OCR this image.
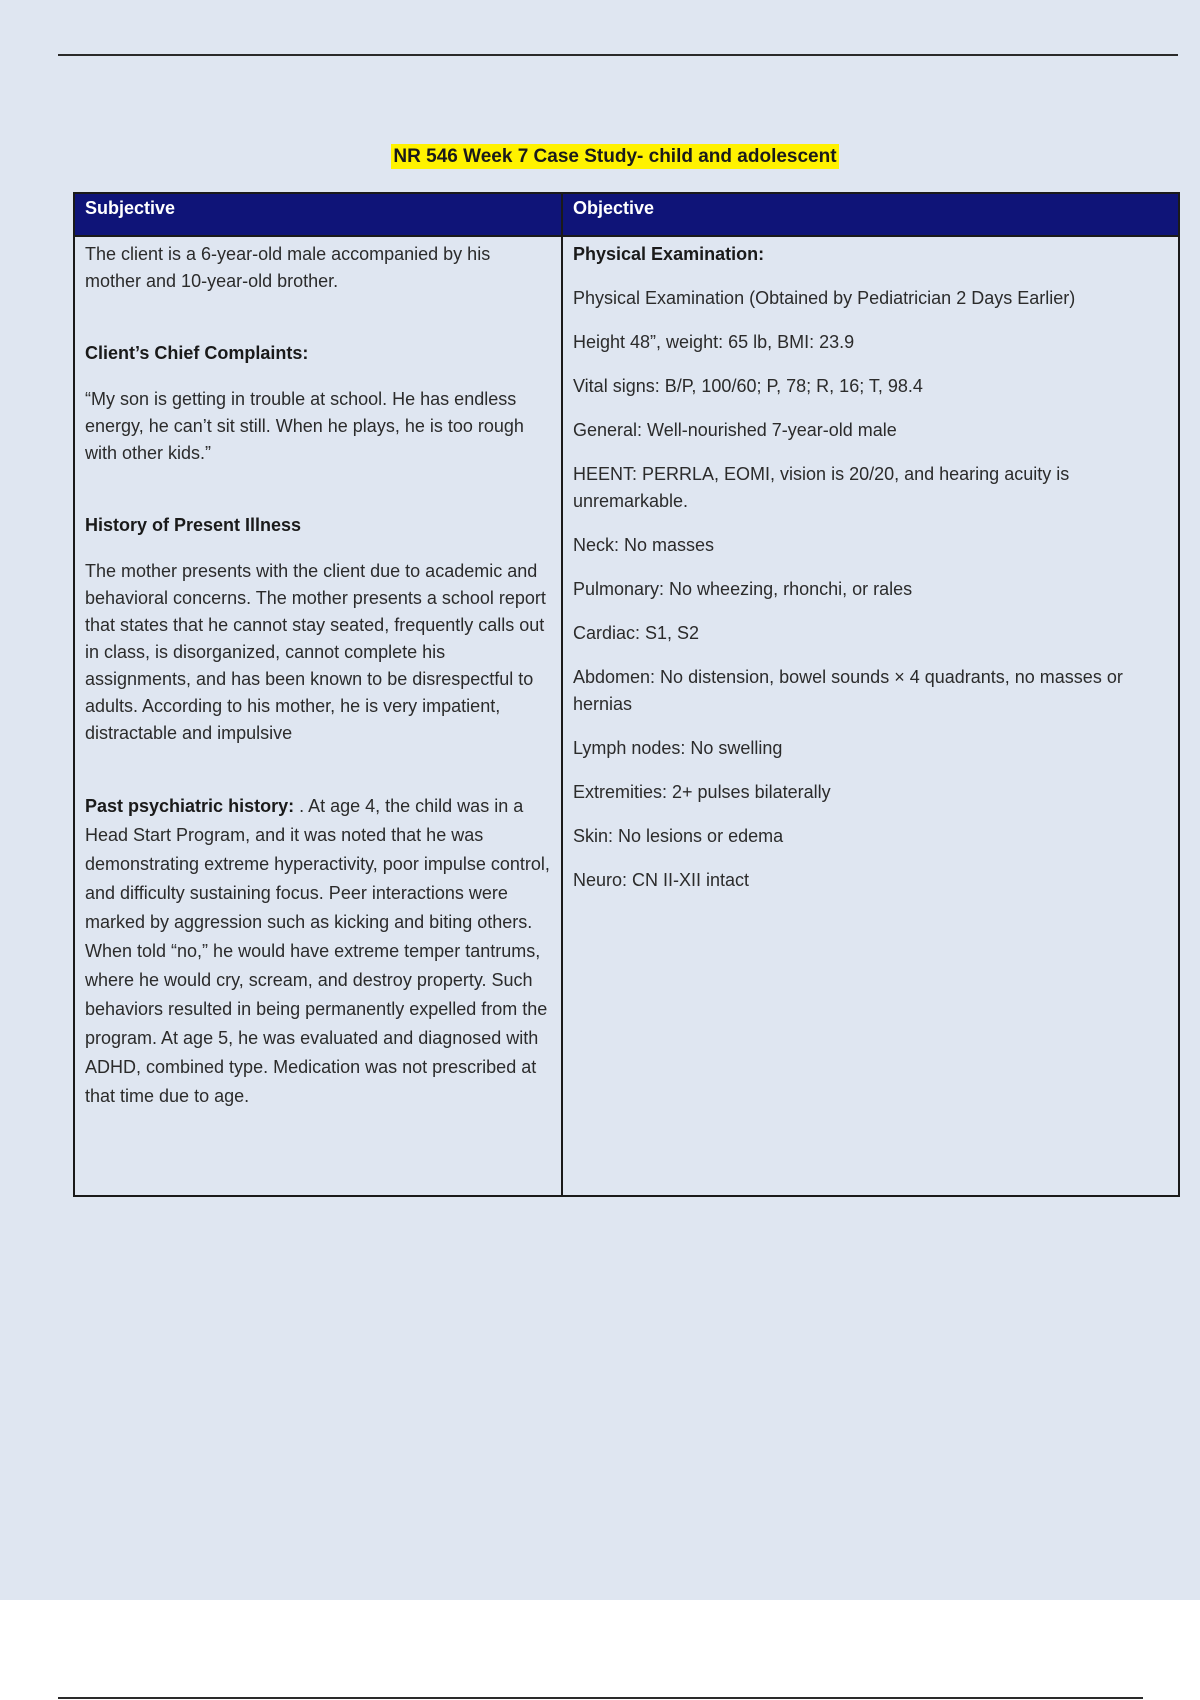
NR 546 Week 7 Case Study- child and adolescent
Subjective

The client is a 6-year-old male accompanied by his mother and 10-year-old brother.

Client’s Chief Complaints:

“My son is getting in trouble at school. He has endless energy, he can’t sit still. When he plays, he is too rough with other kids.”

History of Present Illness

The mother presents with the client due to academic and behavioral concerns. The mother presents a school report that states that he cannot stay seated, frequently calls out in class, is disorganized, cannot complete his assignments, and has been known to be disrespectful to adults. According to his mother, he is very impatient, distractable and impulsive

Past psychiatric history: . At age 4, the child was in a Head Start Program, and it was noted that he was demonstrating extreme hyperactivity, poor impulse control, and difficulty sustaining focus. Peer interactions were marked by aggression such as kicking and biting others. When told “no,” he would have extreme temper tantrums, where he would cry, scream, and destroy property. Such behaviors resulted in being permanently expelled from the program. At age 5, he was evaluated and diagnosed with ADHD, combined type. Medication was not prescribed at that time due to age.

Objective

Physical Examination:

Physical Examination (Obtained by Pediatrician 2 Days Earlier)

Height 48”, weight: 65 lb, BMI: 23.9

Vital signs: B/P, 100/60; P, 78; R, 16; T, 98.4

General: Well-nourished 7-year-old male

HEENT: PERRLA, EOMI, vision is 20/20, and hearing acuity is unremarkable.

Neck: No masses

Pulmonary: No wheezing, rhonchi, or rales

Cardiac: S1, S2

Abdomen: No distension, bowel sounds × 4 quadrants, no masses or hernias

Lymph nodes: No swelling

Extremities: 2+ pulses bilaterally

Skin: No lesions or edema

Neuro: CN II-XII intact
